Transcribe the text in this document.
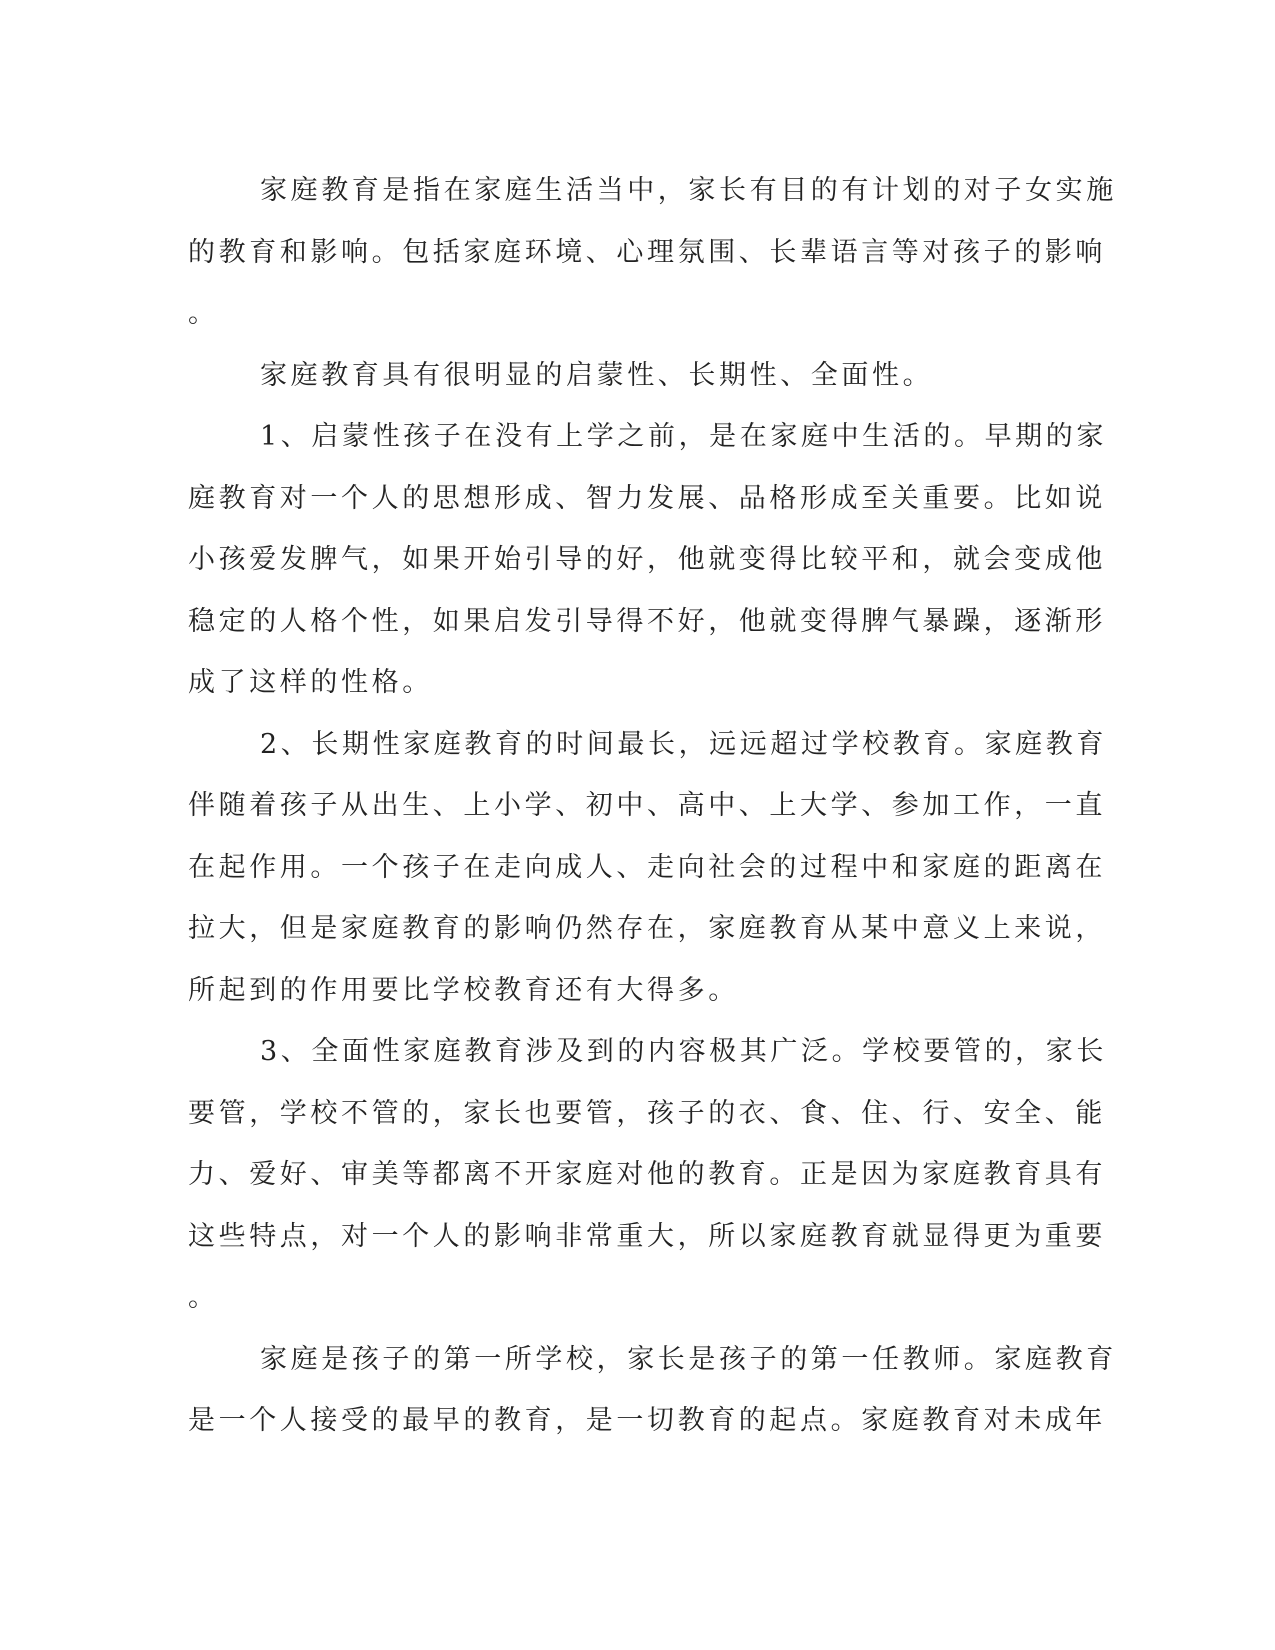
家庭教育是指在家庭生活当中，家长有目的有计划的对子女实施
的教育和影响。包括家庭环境、心理氛围、长辈语言等对孩子的影响
。
家庭教育具有很明显的启蒙性、长期性、全面性。
1、启蒙性孩子在没有上学之前，是在家庭中生活的。早期的家
庭教育对一个人的思想形成、智力发展、品格形成至关重要。比如说
小孩爱发脾气，如果开始引导的好，他就变得比较平和，就会变成他
稳定的人格个性，如果启发引导得不好，他就变得脾气暴躁，逐渐形
成了这样的性格。
2、长期性家庭教育的时间最长，远远超过学校教育。家庭教育
伴随着孩子从出生、上小学、初中、高中、上大学、参加工作，一直
在起作用。一个孩子在走向成人、走向社会的过程中和家庭的距离在
拉大，但是家庭教育的影响仍然存在，家庭教育从某中意义上来说，
所起到的作用要比学校教育还有大得多。
3、全面性家庭教育涉及到的内容极其广泛。学校要管的，家长
要管，学校不管的，家长也要管，孩子的衣、食、住、行、安全、能
力、爱好、审美等都离不开家庭对他的教育。正是因为家庭教育具有
这些特点，对一个人的影响非常重大，所以家庭教育就显得更为重要
。
家庭是孩子的第一所学校，家长是孩子的第一任教师。家庭教育
是一个人接受的最早的教育，是一切教育的起点。家庭教育对未成年
